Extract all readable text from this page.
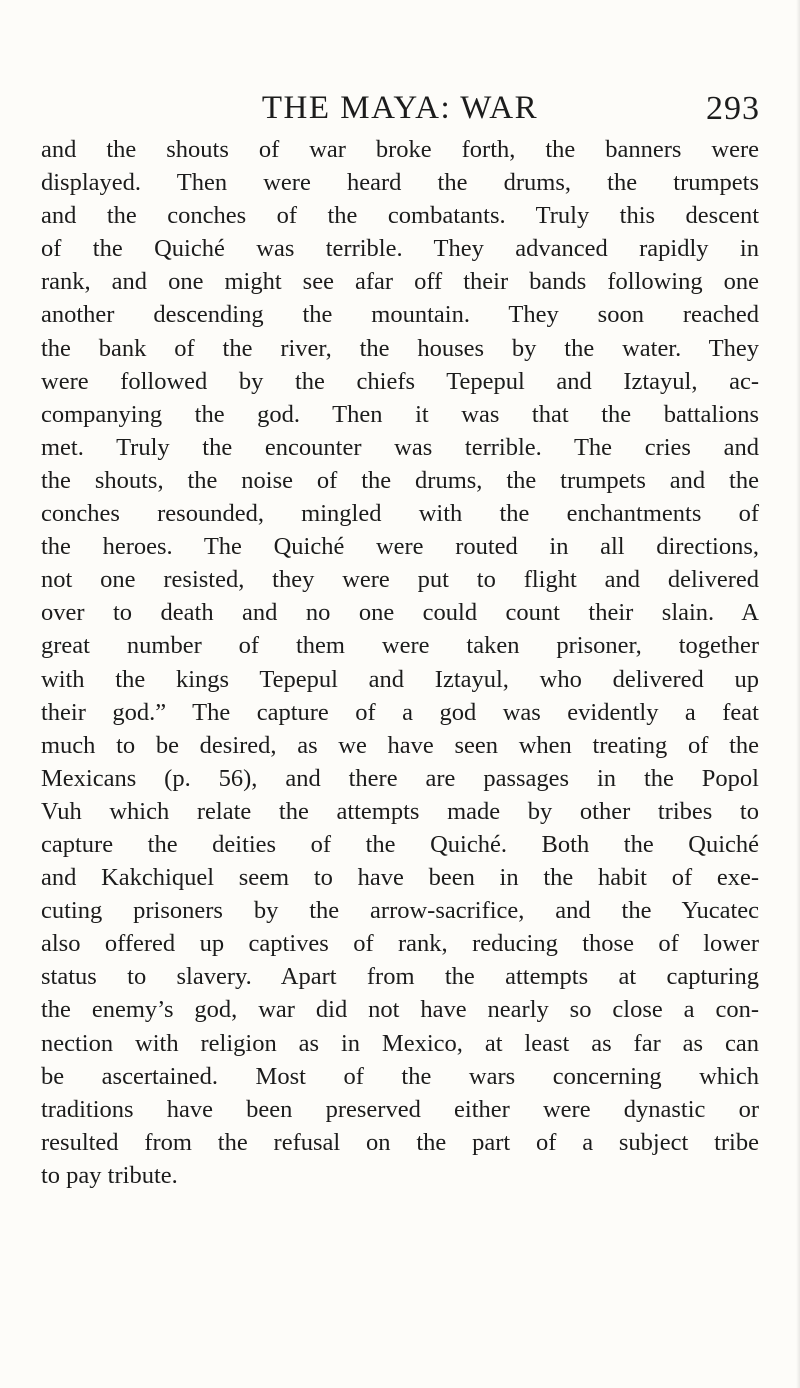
THE MAYA: WAR	293
and the shouts of war broke forth, the banners were
displayed. Then were heard the drums, the trumpets
and the conches of the combatants. Truly this descent
of the Quiché was terrible. They advanced rapidly in
rank, and one might see afar off their bands following one
another descending the mountain. They soon reached
the bank of the river, the houses by the water. They
were followed by the chiefs Tepepul and Iztayul, ac-
companying the god. Then it was that the battalions
met. Truly the encounter was terrible. The cries and
the shouts, the noise of the drums, the trumpets and the
conches resounded, mingled with the enchantments of
the heroes. The Quiché were routed in all directions,
not one resisted, they were put to flight and delivered
over to death and no one could count their slain. A
great number of them were taken prisoner, together
with the kings Tepepul and Iztayul, who delivered up
their god.” The capture of a god was evidently a feat
much to be desired, as we have seen when treating of the
Mexicans (p. 56), and there are passages in the Popol
Vuh which relate the attempts made by other tribes to
capture the deities of the Quiché. Both the Quiché
and Kakchiquel seem to have been in the habit of exe-
cuting prisoners by the arrow-sacrifice, and the Yucatec
also offered up captives of rank, reducing those of lower
status to slavery. Apart from the attempts at capturing
the enemy’s god, war did not have nearly so close a con-
nection with religion as in Mexico, at least as far as can
be ascertained. Most of the wars concerning which
traditions have been preserved either were dynastic or
resulted from the refusal on the part of a subject tribe
to pay tribute.
